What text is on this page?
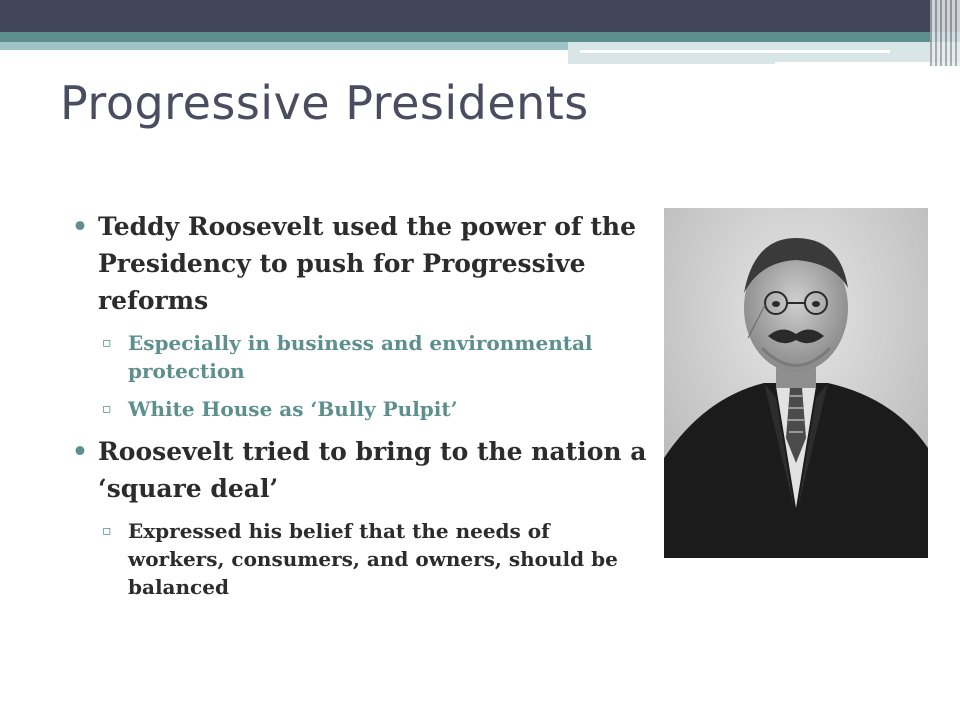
Progressive Presidents
• Teddy Roosevelt used the power of the Presidency to push for Progressive reforms
▫ Especially in business and environmental protection
▫ White House as ‘Bully Pulpit’
• Roosevelt tried to bring to the nation a ‘square deal’
▫ Expressed his belief that the needs of workers, consumers, and owners, should be balanced
